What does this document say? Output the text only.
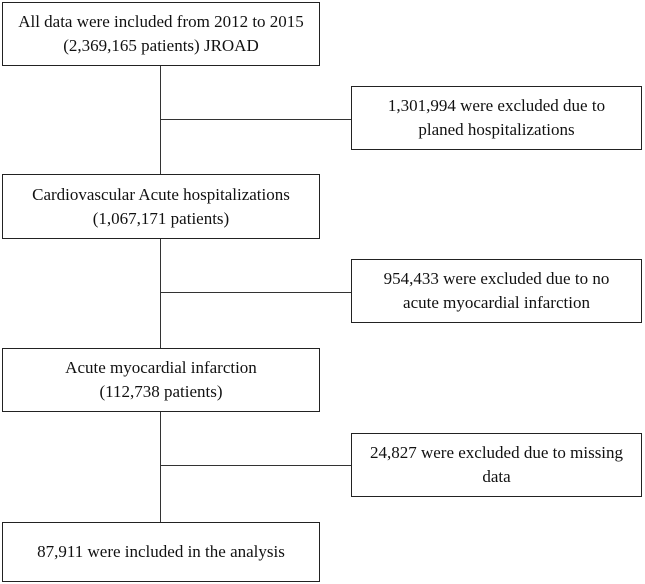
All data were included from 2012 to 2015
(2,369,165 patients) JROAD
Cardiovascular Acute hospitalizations
(1,067,171 patients)
Acute myocardial infarction
(112,738 patients)
87,911 were included in the analysis
1,301,994 were excluded due to
planed hospitalizations
954,433 were excluded due to no
acute myocardial infarction
24,827 were excluded due to missing
data
